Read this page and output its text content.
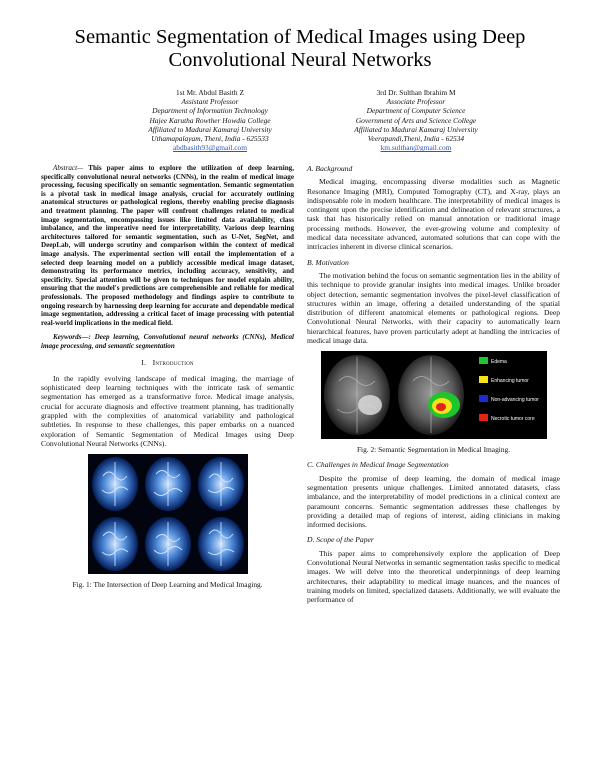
Semantic Segmentation of Medical Images using Deep Convolutional Neural Networks
1st Mr. Abdul Basith Z
Assistant Professor
Department of Information Technology
Hajee Karutha Rowther Howdia College
Affiliated to Madurai Kamaraj University
Uthamapalayam, Theni, India - 625533
abdbasith93@gmail.com
3rd Dr. Sulthan Ibrahim M
Associate Professor
Department of Computer Science
Government of Arts and Science College
Affiliated to Madurai Kamaraj University
Veerapandi,Theni, India - 62534
km.sulthan@gmail.com

Abstract— This paper aims to explore the utilization of deep learning, specifically convolutional neural networks (CNNs), in the realm of medical image processing, focusing specifically on semantic segmentation. Semantic segmentation is a pivotal task in medical image analysis, crucial for accurately outlining anatomical structures or pathological regions, thereby enabling precise diagnosis and treatment planning. The paper will confront challenges related to medical image segmentation, encompassing issues like limited data availability, class imbalance, and the imperative need for interpretability. Various deep learning architectures tailored for semantic segmentation, such as U-Net, SegNet, and DeepLab, will undergo scrutiny and comparison within the context of medical image analysis. The experimental section will entail the implementation of a selected deep learning model on a publicly accessible medical image dataset, demonstrating its performance metrics, including accuracy, sensitivity, and specificity. Special attention will be given to techniques for model explain ability, ensuring that the model's predictions are comprehensible and reliable for medical professionals. The proposed methodology and findings aspire to contribute to ongoing research by harnessing deep learning for accurate and dependable medical image segmentation, addressing a critical facet of image processing with potential real-world implications in the medical field.

Keywords—: Deep learning, Convolutional neural networks (CNNs), Medical image processing, and semantic segmentation

I. Introduction

In the rapidly evolving landscape of medical imaging, the marriage of sophisticated deep learning techniques with the intricate task of semantic segmentation has emerged as a transformative force. Medical image analysis, crucial for accurate diagnosis and effective treatment planning, has traditionally grappled with the complexities of anatomical variability and pathological subtleties. In response to these challenges, this paper embarks on a nuanced exploration of Semantic Segmentation of Medical Images using Deep Convolutional Neural Networks (CNNs).

Fig. 1: The Intersection of Deep Learning and Medical Imaging.
A. Background

Medical imaging, encompassing diverse modalities such as Magnetic Resonance Imaging (MRI), Computed Tomography (CT), and X-ray, plays an indispensable role in modern healthcare. The interpretability of medical images is contingent upon the precise identification and delineation of relevant structures, a task that has historically relied on manual annotation or traditional image processing methods. However, the ever-growing volume and complexity of medical data necessitate advanced, automated solutions that can cope with the intricacies inherent in diverse clinical scenarios.

B. Motivation

The motivation behind the focus on semantic segmentation lies in the ability of this technique to provide granular insights into medical images. Unlike broader object detection, semantic segmentation involves the pixel-level classification of structures within an image, offering a detailed understanding of the spatial distribution of different anatomical elements or pathological regions. Deep Convolutional Neural Networks, with their capacity to automatically learn hierarchical features, have proven particularly adept at handling the intricacies of medical image data.

Edema
Enhancing tumor
Non-advancing tumor
Necrotic tumor core
Fig. 2: Semantic Segmentation in Medical Imaging.
C. Challenges in Medical Image Segmentation

Despite the promise of deep learning, the domain of medical image segmentation presents unique challenges. Limited annotated datasets, class imbalance, and the interpretability of model predictions in a clinical context are paramount concerns. Semantic segmentation addresses these challenges by providing a detailed map of regions of interest, aiding clinicians in making informed decisions.

D. Scope of the Paper

This paper aims to comprehensively explore the application of Deep Convolutional Neural Networks in semantic segmentation tasks specific to medical images. We will delve into the theoretical underpinnings of deep learning architectures, their adaptability to medical image nuances, and the nuances of training models on limited, specialized datasets. Additionally, we will evaluate the performance of
